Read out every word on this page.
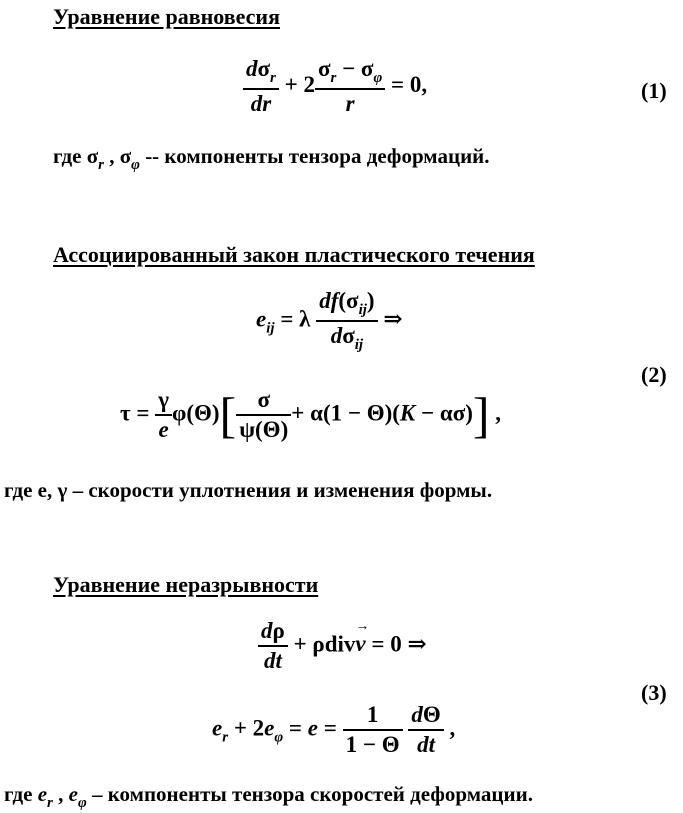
Уравнение равновесия
$\frac{d\sigma_r}{dr} + 2 \frac{\sigma_r - \sigma_\varphi}{r} = 0$,	(1)
где $\sigma_r$ , $\sigma_\varphi$ -- компоненты тензора деформаций.
Ассоциированный закон пластического течения
$e_{ij} = \lambda \frac{df(\sigma_{ij})}{d\sigma_{ij}}$ ⇒
$\tau = \frac{\gamma}{e} \varphi(\Theta)[ \frac{\sigma}{\psi(\Theta)} + \alpha(1 - \Theta)(K - \alpha\sigma)]$ ,
(2)
где e, γ – скорости уплотнения и изменения формы.
Уравнение неразрывности
$\frac{d\rho}{dt}$ + ρdivv → = 0 ⇒
$e_r + 2e_\varphi = e = \frac{1}{1 - \Theta}$
$\frac{d\Theta}{dt}$ ,
(3)
где $e_r$ , $e_\varphi$ – компоненты тензора скоростей деформации.
